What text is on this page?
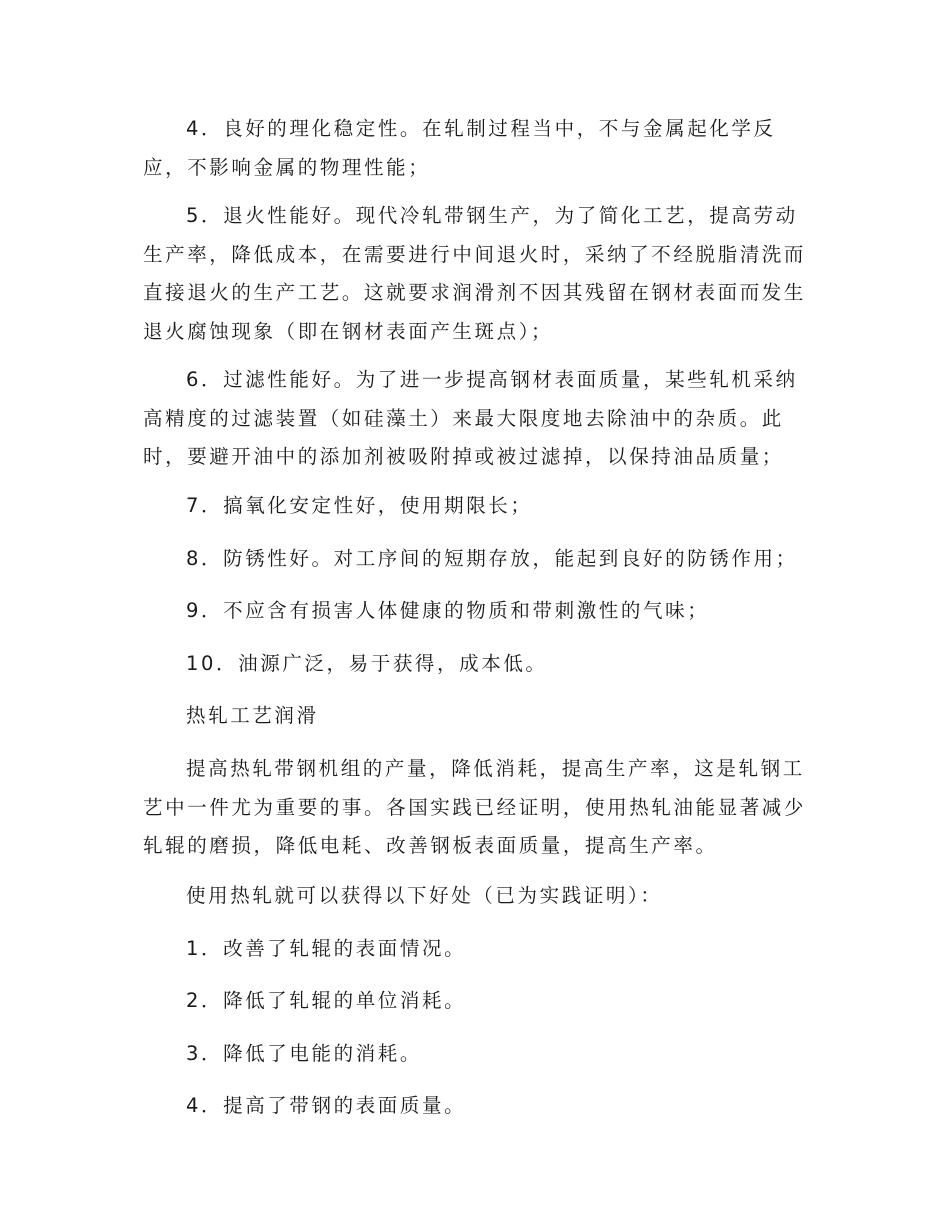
4．良好的理化稳定性。在轧制过程当中，不与金属起化学反应，不影响金属的物理性能；

5．退火性能好。现代冷轧带钢生产，为了简化工艺，提高劳动生产率，降低成本，在需要进行中间退火时，采纳了不经脱脂清洗而直接退火的生产工艺。这就要求润滑剂不因其残留在钢材表面而发生退火腐蚀现象（即在钢材表面产生斑点）；

6．过滤性能好。为了进一步提高钢材表面质量，某些轧机采纳高精度的过滤装置（如硅藻土）来最大限度地去除油中的杂质。此时，要避开油中的添加剂被吸附掉或被过滤掉，以保持油品质量；

7．搞氧化安定性好，使用期限长；

8．防锈性好。对工序间的短期存放，能起到良好的防锈作用；

9．不应含有损害人体健康的物质和带刺激性的气味；

10．油源广泛，易于获得，成本低。

热轧工艺润滑

提高热轧带钢机组的产量，降低消耗，提高生产率，这是轧钢工艺中一件尤为重要的事。各国实践已经证明，使用热轧油能显著减少轧辊的磨损，降低电耗、改善钢板表面质量，提高生产率。

使用热轧就可以获得以下好处（已为实践证明）：

1．改善了轧辊的表面情况。

2．降低了轧辊的单位消耗。

3．降低了电能的消耗。

4．提高了带钢的表面质量。
